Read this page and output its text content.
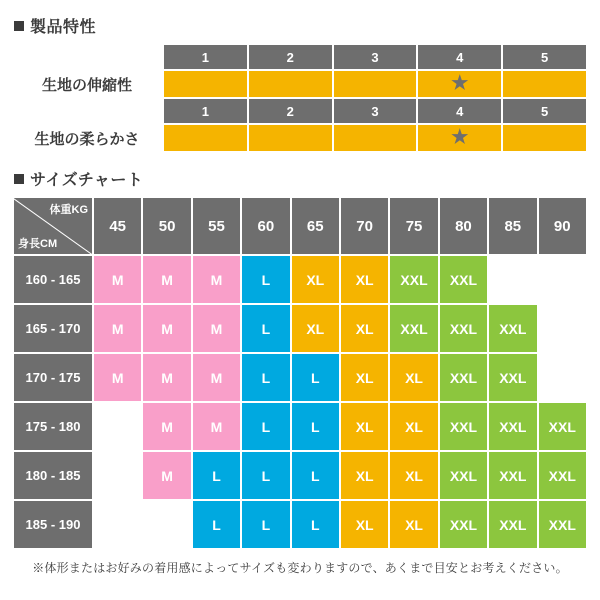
製品特性
	1	2	3	4	5
生地の伸縮性				★	

	1	2	3	4	5
生地の柔らかさ				★	

サイズチャート
体重KG
身長CM	45	50	55	60	65	70	75	80	85	90
160 - 165	M	M	M	L	XL	XL	XXL	XXL		
165 - 170	M	M	M	L	XL	XL	XXL	XXL	XXL	
170 - 175	M	M	M	L	L	XL	XL	XXL	XXL	
175 - 180		M	M	L	L	XL	XL	XXL	XXL	XXL
180 - 185		M	L	L	L	XL	XL	XXL	XXL	XXL
185 - 190			L	L	L	XL	XL	XXL	XXL	XXL
※体形またはお好みの着用感によってサイズも変わりますので、あくまで目安とお考えください。
